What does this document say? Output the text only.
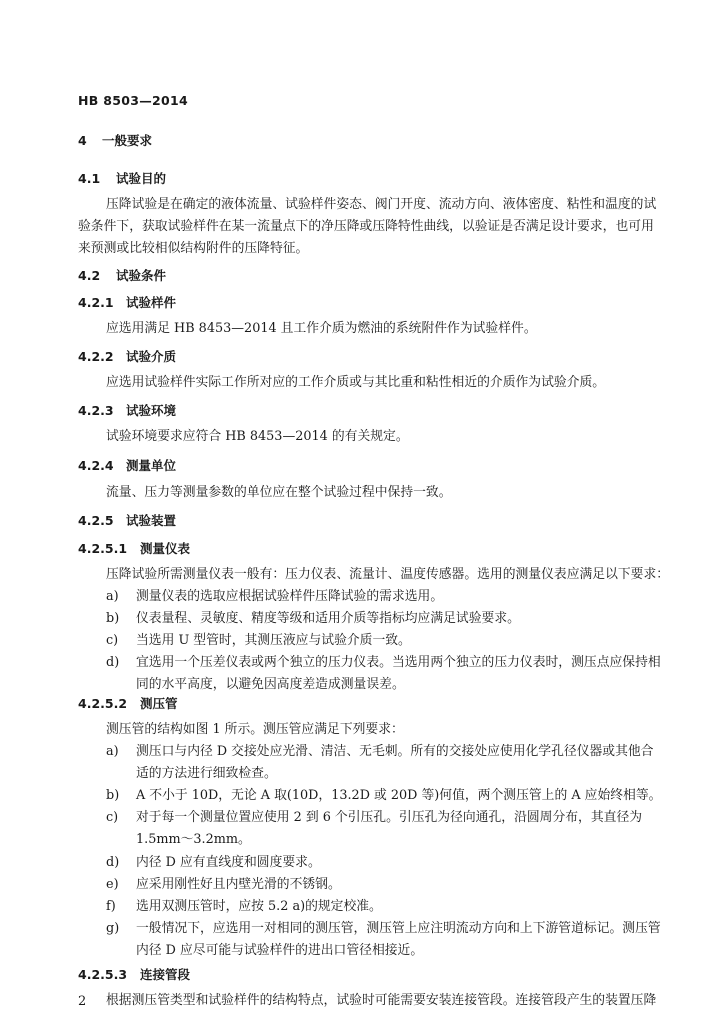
HB 8503—2014
4 一般要求
4.1 试验目的
压降试验是在确定的液体流量、试验样件姿态、阀门开度、流动方向、液体密度、粘性和温度的试
验条件下，获取试验样件在某一流量点下的净压降或压降特性曲线，以验证是否满足设计要求，也可用
来预测或比较相似结构附件的压降特征。
4.2 试验条件
4.2.1 试验样件
应选用满足 HB 8453—2014 且工作介质为燃油的系统附件作为试验样件。
4.2.2 试验介质
应选用试验样件实际工作所对应的工作介质或与其比重和粘性相近的介质作为试验介质。
4.2.3 试验环境
试验环境要求应符合 HB 8453—2014 的有关规定。
4.2.4 测量单位
流量、压力等测量参数的单位应在整个试验过程中保持一致。
4.2.5 试验装置
4.2.5.1 测量仪表
压降试验所需测量仪表一般有：压力仪表、流量计、温度传感器。选用的测量仪表应满足以下要求：
a)	测量仪表的选取应根据试验样件压降试验的需求选用。
b)	仪表量程、灵敏度、精度等级和适用介质等指标均应满足试验要求。
c)	当选用 U 型管时，其测压液应与试验介质一致。
d)	宜选用一个压差仪表或两个独立的压力仪表。当选用两个独立的压力仪表时，测压点应保持相
同的水平高度，以避免因高度差造成测量误差。
4.2.5.2 测压管
测压管的结构如图 1 所示。测压管应满足下列要求：
a)	测压口与内径 D 交接处应光滑、清洁、无毛刺。所有的交接处应使用化学孔径仪器或其他合
适的方法进行细致检查。
b)	A 不小于 10D，无论 A 取(10D，13.2D 或 20D 等)何值，两个测压管上的 A 应始终相等。
c)	对于每一个测量位置应使用 2 到 6 个引压孔。引压孔为径向通孔，沿圆周分布，其直径为
1.5mm～3.2mm。
d)	内径 D 应有直线度和圆度要求。
e)	应采用刚性好且内壁光滑的不锈钢。
f)	选用双测压管时，应按 5.2 a)的规定校准。
g)	一般情况下，应选用一对相同的测压管，测压管上应注明流动方向和上下游管道标记。测压管
内径 D 应尽可能与试验样件的进出口管径相接近。
4.2.5.3 连接管段
根据测压管类型和试验样件的结构特点，试验时可能需要安装连接管段。连接管段产生的装置压降
2
